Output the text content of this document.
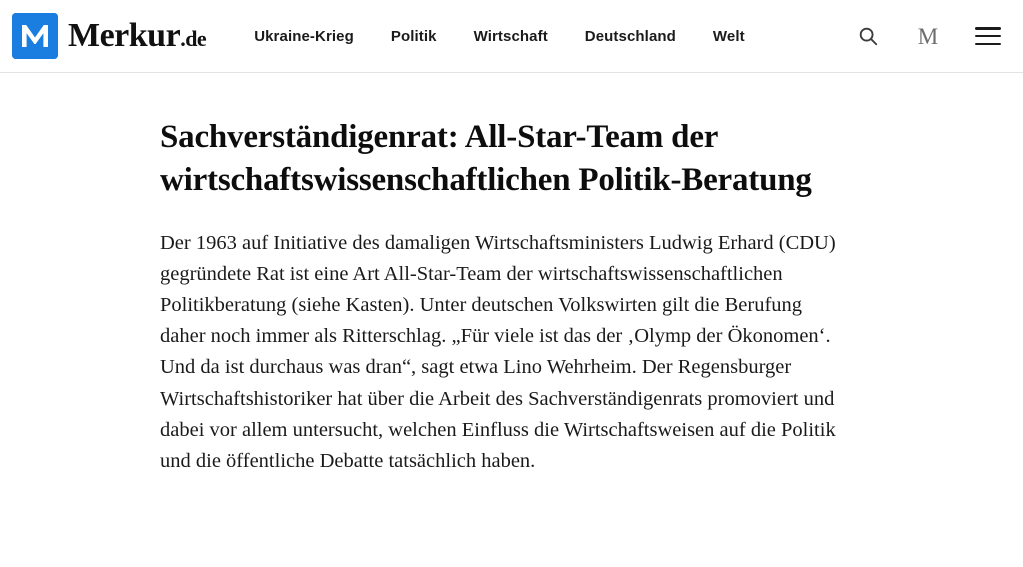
Merkur.de	Ukraine-Krieg Politik Wirtschaft Deutschland Welt	M
Sachverständigenrat: All-Star-Team der wirtschaftswissenschaftlichen Politik-Beratung

Der 1963 auf Initiative des damaligen Wirtschaftsministers Ludwig Erhard (CDU) gegründete Rat ist eine Art All-Star-Team der wirtschaftswissenschaftlichen Politikberatung (siehe Kasten). Unter deutschen Volkswirten gilt die Berufung daher noch immer als Ritterschlag. „Für viele ist das der ‚Olymp der Ökonomen‘. Und da ist durchaus was dran“, sagt etwa Lino Wehrheim. Der Regensburger Wirtschaftshistoriker hat über die Arbeit des Sachverständigenrats promoviert und dabei vor allem untersucht, welchen Einfluss die Wirtschaftsweisen auf die Politik und die öffentliche Debatte tatsächlich haben.
